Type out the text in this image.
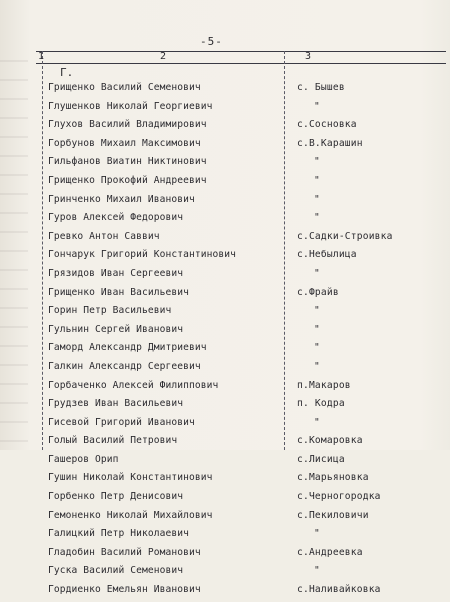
-5-
1	2	3
Г.
Грищенко Василий Семенович	с. Бышев
Глушенков Николай Георгиевич	"
Глухов Василий Владимирович	с.Сосновка
Горбунов Михаил Максимович	с.В.Карашин
Гильфанов Виатин Никтинович	"
Грищенко Прокофий Андреевич	"
Гринченко Михаил Иванович	"
Гуров Алексей Федорович	"
Гревко Антон Саввич	с.Садки-Строивка
Гончарук Григорий Константинович	с.Небылица
Грязидов Иван Сергеевич	"
Грищенко Иван Васильевич	с.Фрайв
Горин Петр Васильевич	"
Гульнин Сергей Иванович	"
Гаморд Александр Дмитриевич	"
Галкин Александр Сергеевич	"
Горбаченко Алексей Филиппович	п.Макаров
Грудзев Иван Васильевич	п. Кодра
Гисевой Григорий Иванович	"
Голый Василий Петрович	с.Комаровка
Гашеров Орип	с.Лисица
Гушин Николай Константинович	с.Марьяновка
Горбенко Петр Денисович	с.Черногородка
Гемоненко Николай Михайлович	с.Пекиловичи
Галицкий Петр Николаевич	"
Гладобин Василий Романович	с.Андреевка
Гуска Василий Семенович	"
Гордиенко Емельян Иванович	с.Наливайковка
